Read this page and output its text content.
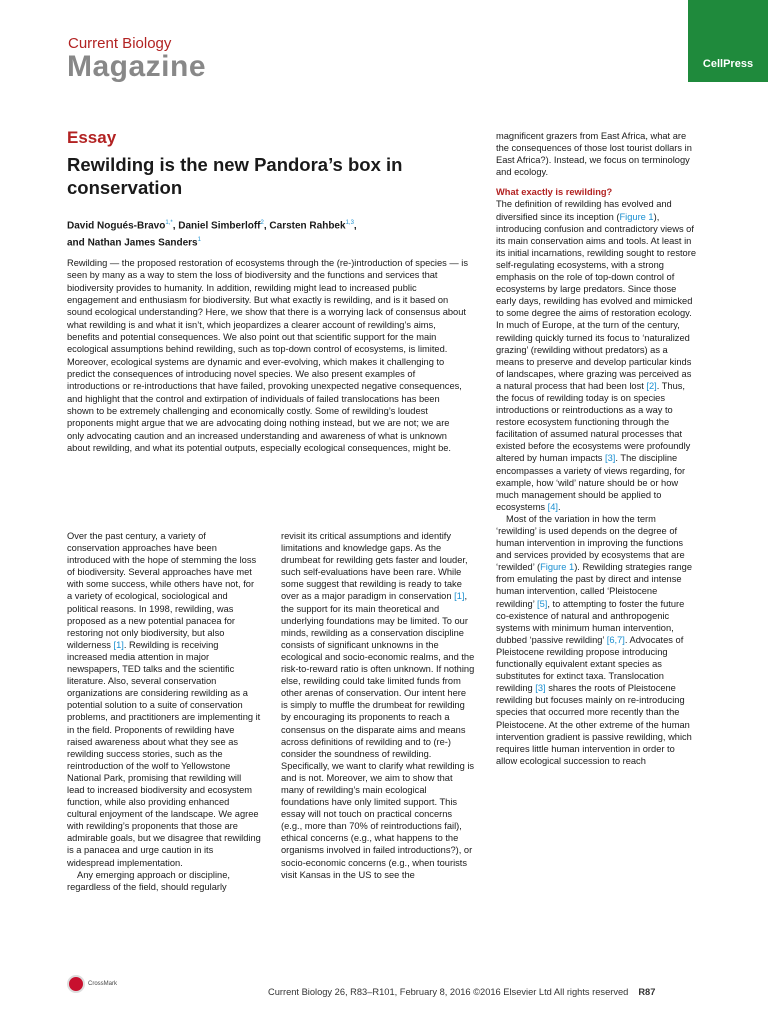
Current Biology
Magazine	CellPress
Essay
Rewilding is the new Pandora’s box in conservation
David Nogués-Bravo$^{1,*}$, Daniel Simberloff$^2$, Carsten Rahbek$^{1,3}$,
and Nathan James Sanders$^1$

Rewilding — the proposed restoration of ecosystems through the (re-)introduction of species — is seen by many as a way to stem the loss of biodiversity and the functions and services that biodiversity provides to humanity. In addition, rewilding might lead to increased public engagement and enthusiasm for biodiversity. But what exactly is rewilding, and is it based on sound ecological understanding? Here, we show that there is a worrying lack of consensus about what rewilding is and what it isn’t, which jeopardizes a clearer account of rewilding’s aims, benefits and potential consequences. We also point out that scientific support for the main ecological assumptions behind rewilding, such as top-down control of ecosystems, is limited. Moreover, ecological systems are dynamic and ever-evolving, which makes it challenging to predict the consequences of introducing novel species. We also present examples of introductions or re-introductions that have failed, provoking unexpected negative consequences, and highlight that the control and extirpation of individuals of failed translocations has been shown to be extremely challenging and economically costly. Some of rewilding’s loudest proponents might argue that we are advocating doing nothing instead, but we are not; we are only advocating caution and an increased understanding and awareness of what is unknown about rewilding, and what its potential outputs, especially ecological consequences, might be.

Over the past century, a variety of conservation approaches have been introduced with the hope of stemming the loss of biodiversity. Several approaches have met with some success, while others have not, for a variety of ecological, sociological and political reasons. In 1998, rewilding, was proposed as a new potential panacea for restoring not only biodiversity, but also wilderness [1]. Rewilding is receiving increased media attention in major newspapers, TED talks and the scientific literature. Also, several conservation organizations are considering rewilding as a potential solution to a suite of conservation problems, and practitioners are implementing it in the field. Proponents of rewilding have raised awareness about what they see as rewilding success stories, such as the reintroduction of the wolf to Yellowstone National Park, promising that rewilding will lead to increased biodiversity and ecosystem function, while also providing enhanced cultural enjoyment of the landscape. We agree with rewilding’s proponents that those are admirable goals, but we disagree that rewilding is a panacea and urge caution in its widespread implementation.

Any emerging approach or discipline, regardless of the field, should regularly

revisit its critical assumptions and identify limitations and knowledge gaps. As the drumbeat for rewilding gets faster and louder, such self-evaluations have been rare. While some suggest that rewilding is ready to take over as a major paradigm in conservation [1], the support for its main theoretical and underlying foundations may be limited. To our minds, rewilding as a conservation discipline consists of significant unknowns in the ecological and socio-economic realms, and the risk-to-reward ratio is often unknown. If nothing else, rewilding could take limited funds from other arenas of conservation. Our intent here is simply to muffle the drumbeat for rewilding by encouraging its proponents to reach a consensus on the disparate aims and means across definitions of rewilding and to (re-) consider the soundness of rewilding. Specifically, we want to clarify what rewilding is and is not. Moreover, we aim to show that many of rewilding’s main ecological foundations have only limited support. This essay will not touch on practical concerns (e.g., more than 70% of reintroductions fail), ethical concerns (e.g., what happens to the organisms involved in failed introductions?), or socio-economic concerns (e.g., when tourists visit Kansas in the US to see the

magnificent grazers from East Africa, what are the consequences of those lost tourist dollars in East Africa?). Instead, we focus on terminology and ecology.

What exactly is rewilding?

The definition of rewilding has evolved and diversified since its inception (Figure 1), introducing confusion and contradictory views of its main conservation aims and tools. At least in its initial incarnations, rewilding sought to restore self-regulating ecosystems, with a strong emphasis on the role of top-down control of ecosystems by large predators. Since those early days, rewilding has evolved and mimicked to some degree the aims of restoration ecology. In much of Europe, at the turn of the century, rewilding quickly turned its focus to ‘naturalized grazing’ (rewilding without predators) as a means to preserve and develop particular kinds of landscapes, where grazing was perceived as a natural process that had been lost [2]. Thus, the focus of rewilding today is on species introductions or reintroductions as a way to restore ecosystem functioning through the facilitation of assumed natural processes that existed before the ecosystems were profoundly altered by human impacts [3]. The discipline encompasses a variety of views regarding, for example, how ‘wild’ nature should be or how much management should be applied to ecosystems [4].

Most of the variation in how the term ‘rewilding’ is used depends on the degree of human intervention in improving the functions and services provided by ecosystems that are ‘rewilded’ (Figure 1). Rewilding strategies range from emulating the past by direct and intense human intervention, called ‘Pleistocene rewilding’ [5], to attempting to foster the future co-existence of natural and anthropogenic systems with minimum human intervention, dubbed ‘passive rewilding’ [6,7]. Advocates of Pleistocene rewilding propose introducing functionally equivalent extant species as substitutes for extinct taxa. Translocation rewilding [3] shares the roots of Pleistocene rewilding but focuses mainly on re-introducing species that occurred more recently than the Pleistocene. At the other extreme of the human intervention gradient is passive rewilding, which requires little human intervention in order to allow ecological succession to reach

CrossMark
Current Biology 26, R83–R101, February 8, 2016 ©2016 Elsevier Ltd All rights reserved R87
